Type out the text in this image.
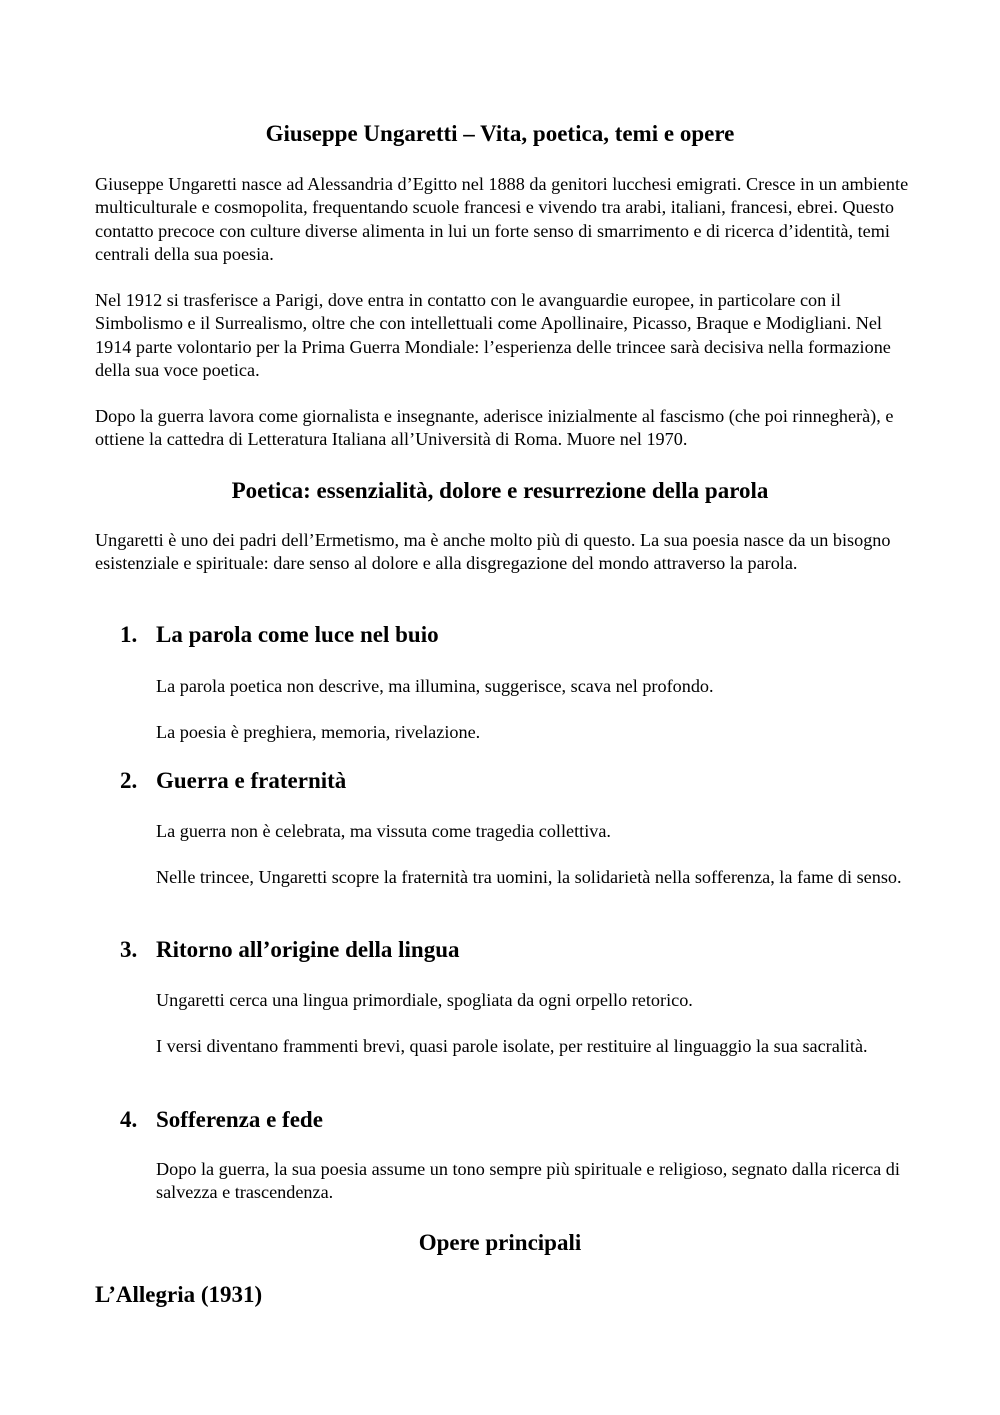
Giuseppe Ungaretti – Vita, poetica, temi e opere

Giuseppe Ungaretti nasce ad Alessandria d’Egitto nel 1888 da genitori lucchesi emigrati. Cresce in un ambiente multiculturale e cosmopolita, frequentando scuole francesi e vivendo tra arabi, italiani, francesi, ebrei. Questo contatto precoce con culture diverse alimenta in lui un forte senso di smarrimento e di ricerca d’identità, temi centrali della sua poesia.

Nel 1912 si trasferisce a Parigi, dove entra in contatto con le avanguardie europee, in particolare con il Simbolismo e il Surrealismo, oltre che con intellettuali come Apollinaire, Picasso, Braque e Modigliani. Nel 1914 parte volontario per la Prima Guerra Mondiale: l’esperienza delle trincee sarà decisiva nella formazione della sua voce poetica.

Dopo la guerra lavora come giornalista e insegnante, aderisce inizialmente al fascismo (che poi rinnegherà), e ottiene la cattedra di Letteratura Italiana all’Università di Roma. Muore nel 1970.

Poetica: essenzialità, dolore e resurrezione della parola

Ungaretti è uno dei padri dell’Ermetismo, ma è anche molto più di questo. La sua poesia nasce da un bisogno esistenziale e spirituale: dare senso al dolore e alla disgregazione del mondo attraverso la parola.

1. La parola come luce nel buio

La parola poetica non descrive, ma illumina, suggerisce, scava nel profondo.

La poesia è preghiera, memoria, rivelazione.

2. Guerra e fraternità

La guerra non è celebrata, ma vissuta come tragedia collettiva.

Nelle trincee, Ungaretti scopre la fraternità tra uomini, la solidarietà nella sofferenza, la fame di senso.

3. Ritorno all’origine della lingua

Ungaretti cerca una lingua primordiale, spogliata da ogni orpello retorico.

I versi diventano frammenti brevi, quasi parole isolate, per restituire al linguaggio la sua sacralità.

4. Sofferenza e fede

Dopo la guerra, la sua poesia assume un tono sempre più spirituale e religioso, segnato dalla ricerca di salvezza e trascendenza.

Opere principali
L’Allegria (1931)
